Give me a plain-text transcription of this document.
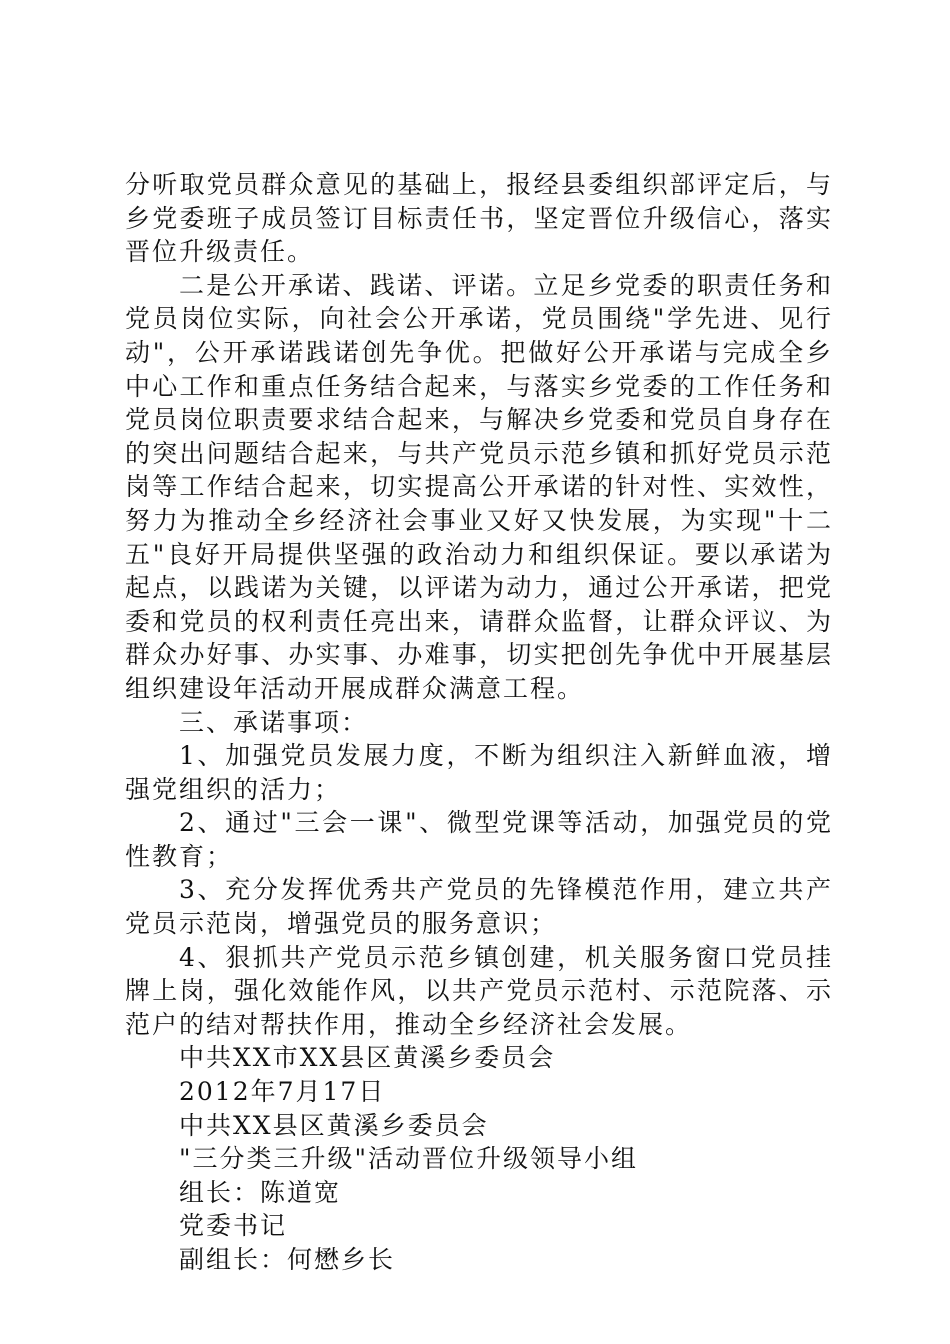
分听取党员群众意见的基础上，报经县委组织部评定后，与乡党委班子成员签订目标责任书，坚定晋位升级信心，落实晋位升级责任。

二是公开承诺、践诺、评诺。立足乡党委的职责任务和党员岗位实际，向社会公开承诺，党员围绕"学先进、见行动"，公开承诺践诺创先争优。把做好公开承诺与完成全乡中心工作和重点任务结合起来，与落实乡党委的工作任务和党员岗位职责要求结合起来，与解决乡党委和党员自身存在的突出问题结合起来，与共产党员示范乡镇和抓好党员示范岗等工作结合起来，切实提高公开承诺的针对性、实效性，努力为推动全乡经济社会事业又好又快发展，为实现"十二五"良好开局提供坚强的政治动力和组织保证。要以承诺为起点，以践诺为关键，以评诺为动力，通过公开承诺，把党委和党员的权利责任亮出来，请群众监督，让群众评议、为群众办好事、办实事、办难事，切实把创先争优中开展基层组织建设年活动开展成群众满意工程。

三、承诺事项：

1、加强党员发展力度，不断为组织注入新鲜血液，增强党组织的活力；

2、通过"三会一课"、微型党课等活动，加强党员的党性教育；

3、充分发挥优秀共产党员的先锋模范作用，建立共产党员示范岗，增强党员的服务意识；

4、狠抓共产党员示范乡镇创建，机关服务窗口党员挂牌上岗，强化效能作风，以共产党员示范村、示范院落、示范户的结对帮扶作用，推动全乡经济社会发展。

中共XX市XX县区黄溪乡委员会

2012年7月17日

中共XX县区黄溪乡委员会

"三分类三升级"活动晋位升级领导小组

组长：陈道宽

党委书记

副组长：何懋乡长
